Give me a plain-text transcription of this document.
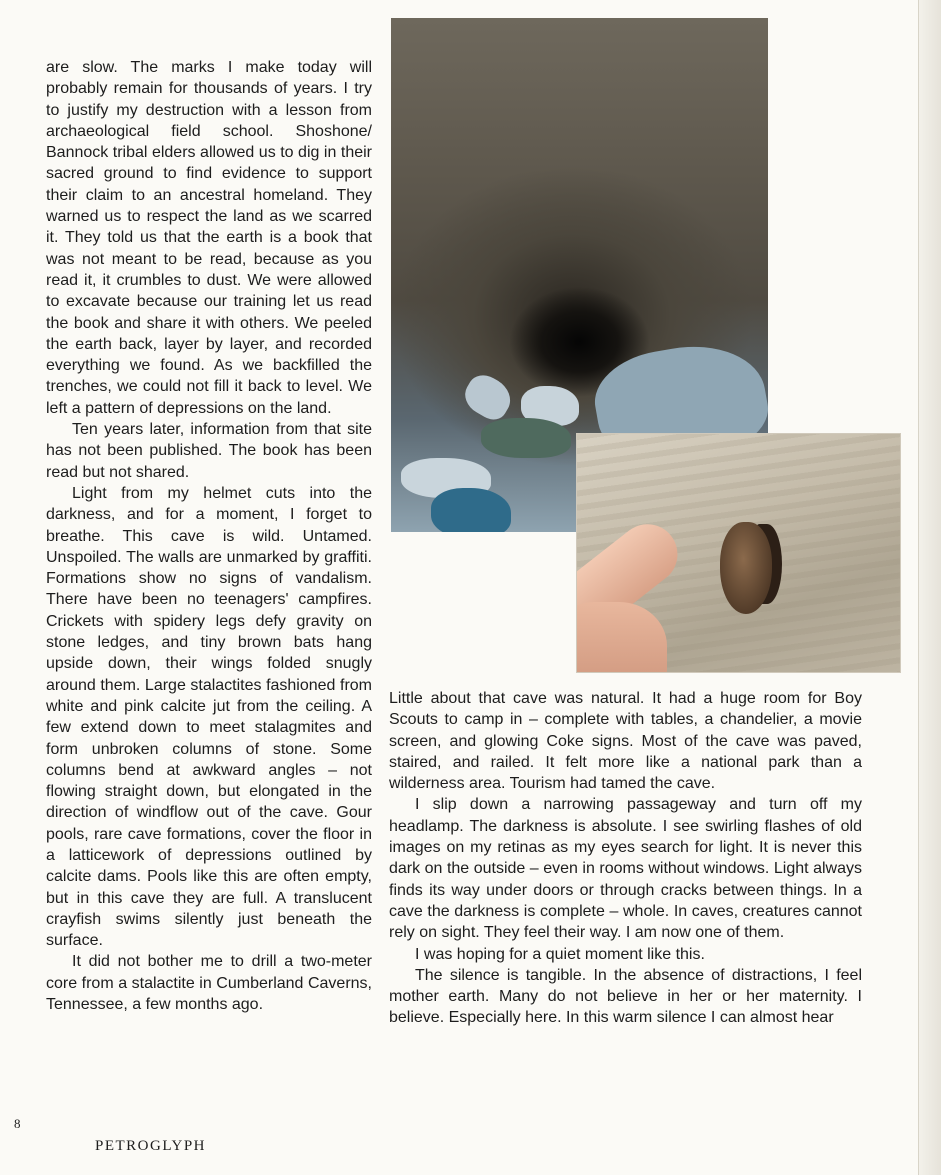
are slow. The marks I make today will probably remain for thousands of years. I try to justify my destruction with a lesson from archaeological field school. Shoshone/ Bannock tribal elders allowed us to dig in their sacred ground to find evidence to support their claim to an ancestral homeland. They warned us to respect the land as we scarred it. They told us that the earth is a book that was not meant to be read, because as you read it, it crumbles to dust. We were allowed to excavate because our training let us read the book and share it with others. We peeled the earth back, layer by layer, and recorded everything we found. As we backfilled the trenches, we could not fill it back to level. We left a pattern of depressions on the land.

Ten years later, information from that site has not been published. The book has been read but not shared.

Light from my helmet cuts into the darkness, and for a moment, I forget to breathe. This cave is wild. Untamed. Unspoiled. The walls are unmarked by graffiti. Formations show no signs of vandalism. There have been no teenagers' campfires. Crickets with spidery legs defy gravity on stone ledges, and tiny brown bats hang upside down, their wings folded snugly around them. Large stalactites fashioned from white and pink calcite jut from the ceiling. A few extend down to meet stalagmites and form unbroken columns of stone. Some columns bend at awkward angles – not flowing straight down, but elongated in the direction of windflow out of the cave. Gour pools, rare cave formations, cover the floor in a latticework of depressions outlined by calcite dams. Pools like this are often empty, but in this cave they are full. A translucent crayfish swims silently just beneath the surface.

It did not bother me to drill a two-meter core from a stalactite in Cumberland Caverns, Tennessee, a few months ago.

Little about that cave was natural. It had a huge room for Boy Scouts to camp in – complete with tables, a chandelier, a movie screen, and glowing Coke signs. Most of the cave was paved, staired, and railed. It felt more like a national park than a wilderness area. Tourism had tamed the cave.

I slip down a narrowing passageway and turn off my headlamp. The darkness is absolute. I see swirling flashes of old images on my retinas as my eyes search for light. It is never this dark on the outside – even in rooms without windows. Light always finds its way under doors or through cracks between things. In a cave the darkness is complete – whole. In caves, creatures cannot rely on sight. They feel their way. I am now one of them.

I was hoping for a quiet moment like this.

The silence is tangible. In the absence of distractions, I feel mother earth. Many do not believe in her or her maternity. I believe. Especially here. In this warm silence I can almost hear

8
PETROGLYPH
